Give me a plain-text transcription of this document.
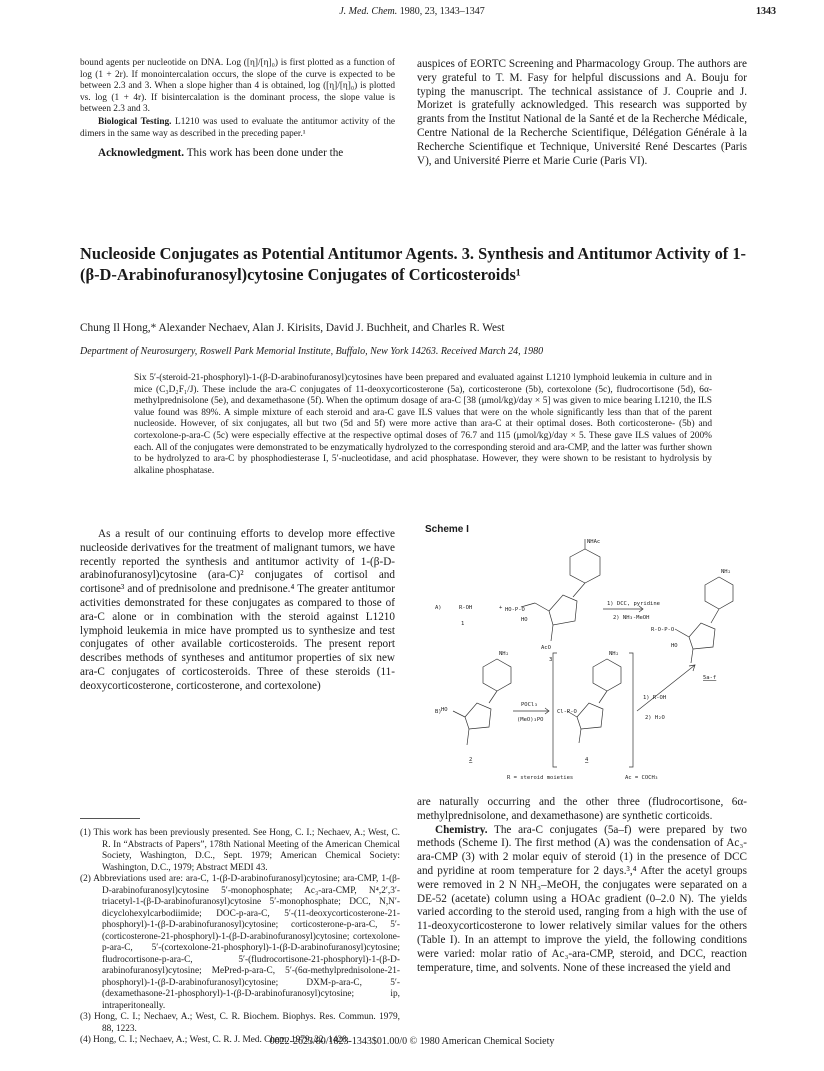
J. Med. Chem. 1980, 23, 1343–1347	1343
bound agents per nucleotide on DNA. Log ([η]/[η]₀) is first plotted as a function of log (1 + 2r). If monointercalation occurs, the slope of the curve is expected to be between 2.3 and 3. When a slope higher than 4 is obtained, log ([η]/[η]₀) is plotted vs. log (1 + 4r). If bisintercalation is the dominant process, the slope value is between 2.3 and 3.
Biological Testing. L1210 was used to evaluate the antitumor activity of the dimers in the same way as described in the preceding paper.¹
Acknowledgment. This work has been done under the
auspices of EORTC Screening and Pharmacology Group. The authors are very grateful to T. M. Fasy for helpful discussions and A. Bouju for typing the manuscript. The technical assistance of J. Couprie and J. Morizet is gratefully acknowledged. This research was supported by grants from the Institut National de la Santé et de la Recherche Médicale, Centre National de la Recherche Scientifique, Délégation Générale à la Recherche Scientifique et Technique, Université René Descartes (Paris V), and Université Pierre et Marie Curie (Paris VI).
Nucleoside Conjugates as Potential Antitumor Agents. 3. Synthesis and Antitumor Activity of 1-(β-D-Arabinofuranosyl)cytosine Conjugates of Corticosteroids¹
Chung Il Hong,* Alexander Nechaev, Alan J. Kirisits, David J. Buchheit, and Charles R. West
Department of Neurosurgery, Roswell Park Memorial Institute, Buffalo, New York 14263. Received March 24, 1980
Six 5′-(steroid-21-phosphoryl)-1-(β-D-arabinofuranosyl)cytosines have been prepared and evaluated against L1210 lymphoid leukemia in culture and in mice (C₃D₂F₁/J). These include the ara-C conjugates of 11-deoxycorticosterone (5a), corticosterone (5b), cortexolone (5c), fludrocortisone (5d), 6α-methylprednisolone (5e), and dexamethasone (5f). When the optimum dosage of ara-C [38 (μmol/kg)/day × 5] was given to mice bearing L1210, the ILS value found was 89%. A simple mixture of each steroid and ara-C gave ILS values that were on the whole significantly less than that of the parent nucleoside. However, of six conjugates, all but two (5d and 5f) were more active than ara-C at their optimal doses. Both corticosterone- (5b) and cortexolone-p-ara-C (5c) were especially effective at the respective optimal doses of 76.7 and 115 (μmol/kg)/day × 5. These gave ILS values of 200% each. All of the conjugates were demonstrated to be enzymatically hydrolyzed to the corresponding steroid and ara-CMP, and the latter was further shown to be hydrolyzed to ara-C by phosphodiesterase I, 5′-nucleotidase, and acid phosphatase. However, they were shown to be resistant to hydrolysis by alkaline phosphatase.
As a result of our continuing efforts to develop more effective nucleoside derivatives for the treatment of malignant tumors, we have recently reported the synthesis and antitumor activity of 1-(β-D-arabinofuranosyl)cytosine (ara-C)² conjugates of cortisol and cortisone³ and of prednisolone and prednisone.⁴ The greater antitumor activities demonstrated for these conjugates as compared to those of ara-C alone or in combination with the steroid against L1210 lymphoid leukemia in mice have prompted us to synthesize and test conjugates of other available corticosteroids. The present report describes methods of syntheses and antitumor properties of six new ara-C conjugates of corticosteroids. Three of these steroids (11-deoxycorticosterone, corticosterone, and cortexolone)
(1) This work has been previously presented. See Hong, C. I.; Nechaev, A.; West, C. R. In “Abstracts of Papers”, 178th National Meeting of the American Chemical Society, Washington, D.C., Sept. 1979; American Chemical Society: Washington, D.C., 1979; Abstract MEDI 43.
(2) Abbreviations used are: ara-C, 1-(β-D-arabinofuranosyl)cytosine; ara-CMP, 1-(β-D-arabinofuranosyl)cytosine 5′-monophosphate; Ac₃-ara-CMP, N⁴,2′,3′-triacetyl-1-(β-D-arabinofuranosyl)cytosine 5′-monophosphate; DCC, N,N′-dicyclohexylcarbodiimide; DOC-p-ara-C, 5′-(11-deoxycorticosterone-21-phosphoryl)-1-(β-D-arabinofuranosyl)cytosine; corticosterone-p-ara-C, 5′-(corticosterone-21-phosphoryl)-1-(β-D-arabinofuranosyl)cytosine; cortexolone-p-ara-C, 5′-(cortexolone-21-phosphoryl)-1-(β-D-arabinofuranosyl)cytosine; fludrocortisone-p-ara-C, 5′-(fludrocortisone-21-phosphoryl)-1-(β-D-arabinofuranosyl)cytosine; MePred-p-ara-C, 5′-(6α-methylprednisolone-21-phosphoryl)-1-(β-D-arabinofuranosyl)cytosine; DXM-p-ara-C, 5′-(dexamethasone-21-phosphoryl)-1-(β-D-arabinofuranosyl)cytosine; ip, intraperitoneally.
(3) Hong, C. I.; Nechaev, A.; West, C. R. Biochem. Biophys. Res. Commun. 1979, 88, 1223.
(4) Hong, C. I.; Nechaev, A.; West, C. R. J. Med. Chem. 1979, 22, 1428.
Scheme I
NHAc
A)	R-OH
1
+ HO-P-O
HO
AcO
3
1) DCC, pyridine
2) NH₃-MeOH
NH₂
R-O-P-O
HO
5a-f
NH₂
B) HO
2
POCl₃
(MeO)₃PO
NH₂
Cl-P-O
4
1) R-OH
2) H₂O
R = steroid moieties	Ac = COCH₃
are naturally occurring and the other three (fludrocortisone, 6α-methylprednisolone, and dexamethasone) are synthetic corticoids.
Chemistry. The ara-C conjugates (5a–f) were prepared by two methods (Scheme I). The first method (A) was the condensation of Ac₃-ara-CMP (3) with 2 molar equiv of steroid (1) in the presence of DCC and pyridine at room temperature for 2 days.³,⁴ After the acetyl groups were removed in 2 N NH₃–MeOH, the conjugates were separated on a DE-52 (acetate) column using a HOAc gradient (0–2.0 N). The yields varied according to the steroid used, ranging from a high with the use of 11-deoxycorticosterone to lower relatively similar values for the others (Table I). In an attempt to improve the yield, the following conditions were varied: molar ratio of Ac₃-ara-CMP, steroid, and DCC, reaction temperature, time, and solvents. None of these increased the yield and
0022-2623/80/1823-1343$01.00/0 © 1980 American Chemical Society
